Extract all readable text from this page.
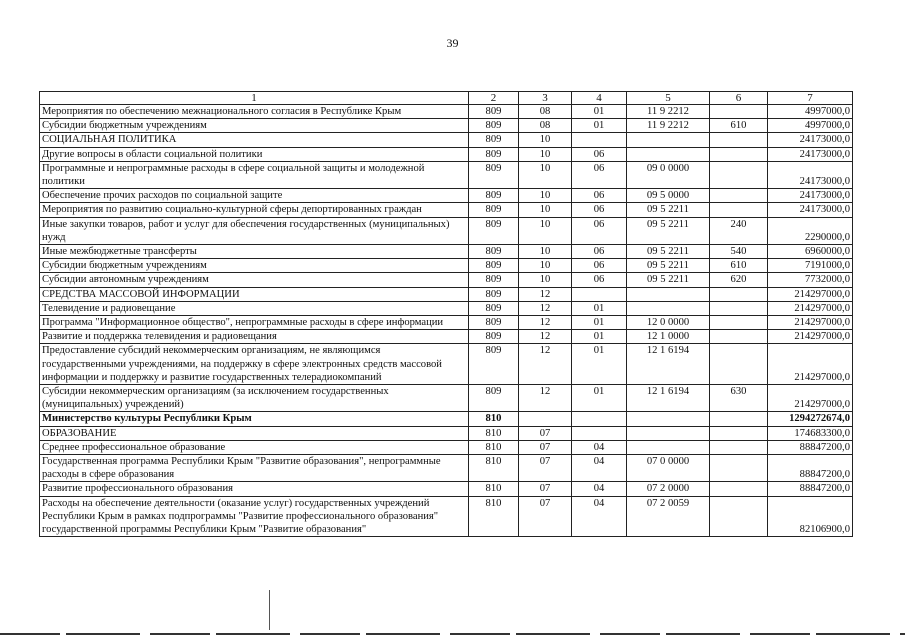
39
1	2	3	4	5	6	7
Мероприятия по обеспечению межнационального согласия в Республике Крым	809	08	01	11 9 2212		4997000,0
Субсидии бюджетным учреждениям	809	08	01	11 9 2212	610	4997000,0
СОЦИАЛЬНАЯ ПОЛИТИКА	809	10				24173000,0
Другие вопросы в области социальной политики	809	10	06			24173000,0
Программные и непрограммные расходы в сфере социальной защиты и молодежной политики	809	10	06	09 0 0000		24173000,0
Обеспечение прочих расходов по социальной защите	809	10	06	09 5 0000		24173000,0
Мероприятия по развитию социально-культурной сферы депортированных граждан	809	10	06	09 5 2211		24173000,0
Иные закупки товаров, работ и услуг для обеспечения государственных (муниципальных) нужд	809	10	06	09 5 2211	240	2290000,0
Иные межбюджетные трансферты	809	10	06	09 5 2211	540	6960000,0
Субсидии бюджетным учреждениям	809	10	06	09 5 2211	610	7191000,0
Субсидии автономным учреждениям	809	10	06	09 5 2211	620	7732000,0
СРЕДСТВА МАССОВОЙ ИНФОРМАЦИИ	809	12				214297000,0
Телевидение и радиовещание	809	12	01			214297000,0
Программа "Информационное общество", непрограммные расходы в сфере информации	809	12	01	12 0 0000		214297000,0
Развитие и поддержка телевидения и радиовещания	809	12	01	12 1 0000		214297000,0
Предоставление субсидий некоммерческим организациям, не являющимся государственными учреждениями, на поддержку в сфере электронных средств массовой информации и поддержку и развитие государственных телерадиокомпаний	809	12	01	12 1 6194		214297000,0
Субсидии некоммерческим организациям (за исключением государственных (муниципальных) учреждений)	809	12	01	12 1 6194	630	214297000,0
Министерство культуры Республики Крым	810					1294272674,0
ОБРАЗОВАНИЕ	810	07				174683300,0
Среднее профессиональное образование	810	07	04			88847200,0
Государственная программа Республики Крым "Развитие образования", непрограммные расходы в сфере образования	810	07	04	07 0 0000		88847200,0
Развитие профессионального образования	810	07	04	07 2 0000		88847200,0
Расходы на обеспечение деятельности (оказание услуг) государственных учреждений Республики Крым в рамках подпрограммы "Развитие профессионального образования" государственной программы Республики Крым "Развитие образования"	810	07	04	07 2 0059		82106900,0
